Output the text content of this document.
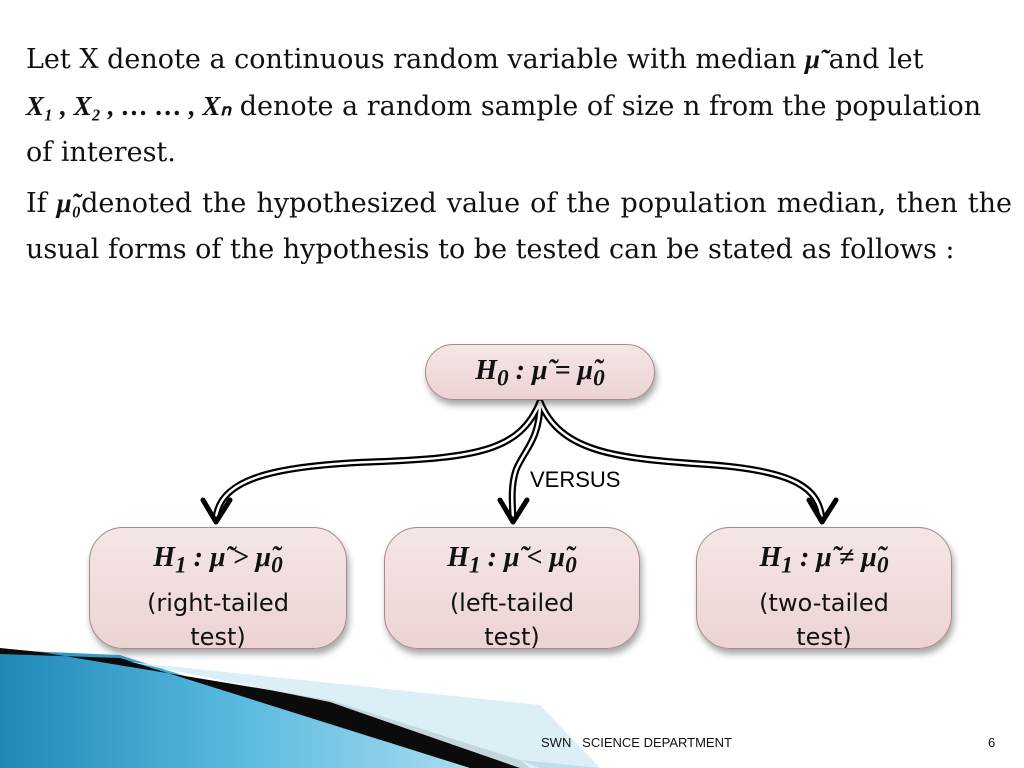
Let X denote a continuous random variable with median μ̃ and let
X₁ , X₂ , … … , Xₙ denote a random sample of size n from the population of interest.
If μ̃₀denoted the hypothesized value of the population median, then the usual forms of the hypothesis to be tested can be stated as follows :
VERSUS
$H_0$ : μ̃ = $\mũ_0$
$H_1$ : μ̃ > $\mũ_0$
(right-tailed
test)
$H_1$ : μ̃ < $\mũ_0$
(left-tailed
test)
$H_1$ : μ̃ ≠ $\mũ_0$
(two-tailed
test)
SWN   SCIENCE DEPARTMENT	6
